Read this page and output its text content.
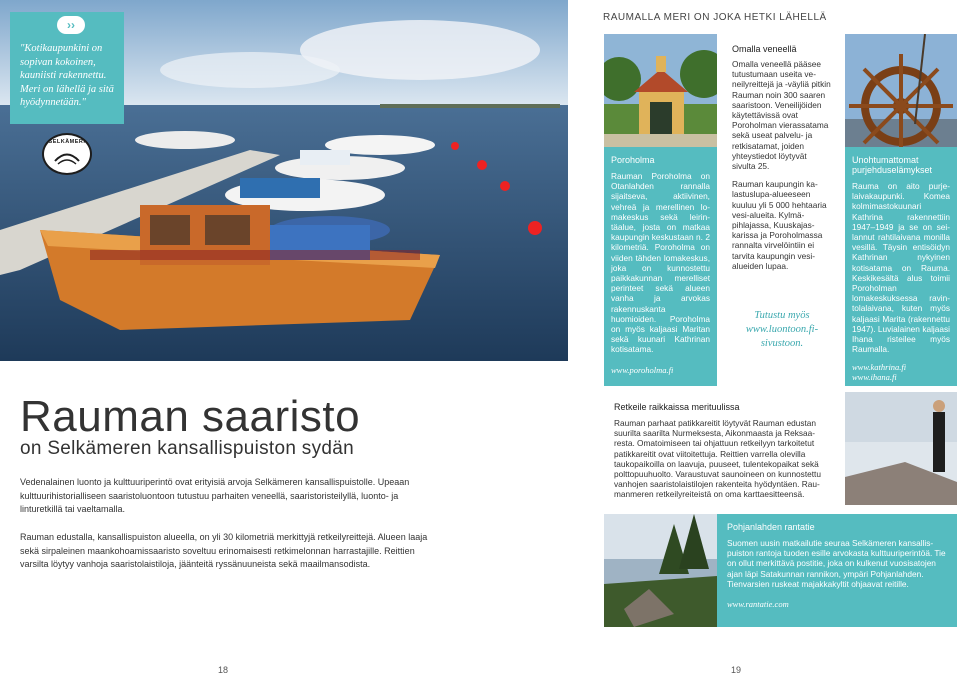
››
"Kotikaupunkini on sopivan kokoinen, kauniisti rakennettu. Meri on lähellä ja sitä hyödynnetään."
SELKÄMERI
Rauman saaristo
on Selkämeren kansallispuiston sydän
Vedenalainen luonto ja kulttuuriperintö ovat erityisiä arvoja Selkämeren kansallispuistolle. Upeaan kulttuurihistorialliseen saaristoluontoon tutustuu parhaiten veneellä, saaristoristeilyllä, luonto- ja linturetkillä tai vaeltamalla.
Rauman edustalla, kansallispuiston alueella, on yli 30 kilometriä merkittyjä retkeilyreittejä. Alueen laaja sekä sirpaleinen maankohoamissaaristo soveltuu erinomaisesti retkimelonnan harrastajille. Reittien varsilta löytyy vanhoja saaristolaistiloja, jäänteitä ryssänuuneista sekä maailmansodista.
18
RAUMALLA MERI ON JOKA HETKI LÄHELLÄ
Poroholma
Rauman Poroholma on Otanlahden rannalla sijaitseva, aktiivinen, vehreä ja merellinen lomakeskus sekä leirintäalue, josta on matkaa kaupungin keskustaan n. 2 kilometriä. Poroholma on viiden tähden lomakeskus, joka on kunnostettu paikkakunnan merelliset perinteet sekä alueen vanha ja arvokas rakennuskanta huomioiden. Poroholma on myös kaljaasi Maritan sekä kuunari Kathrinan kotisatama.
www.poroholma.fi
Omalla veneellä
Omalla veneellä pääsee tutustumaan useita veneilyreittejä ja -väyliä pitkin Rauman noin 300 saaren saaristoon. Veneilijöiden käytettävissä ovat Poroholman vierassatama sekä useat palvelu- ja retkisatamat, joiden yhteystiedot löytyvät sivulta 25.
Rauman kaupungin kalastuslupa-alueeseen kuuluu yli 5 000 hehtaaria vesi-alueita. Kylmäpihlajassa, Kuuskajaskarissa ja Poroholmassa rannalta virvelöintiin ei tarvita kaupungin vesialueiden lupaa.
Tutustu myös www.luontoon.fi-sivustoon.
Unohtumattomat purjehduselämykset
Rauma on aito purjelaivakaupunki. Komea kolmimastokuunari Kathrina rakennettiin 1947–1949 ja se on seilannut rahtilaivana monilla vesillä. Täysin entisöidyn Kathrinan nykyinen kotisatama on Rauma. Keskikesältä alus toimii Poroholman lomakeskuksessa ravintolalaivana, kuten myös kaljaasi Marita (rakennettu 1947). Luvialainen kaljaasi Ihana risteilee myös Raumalla.
www.kathrina.fi
www.ihana.fi
Retkeile raikkaissa merituulissa
Rauman parhaat patikkareitit löytyvät Rauman edustan suurilta saarilta Nurmeksesta, Aikonmaasta ja Reksaaresta. Omatoimiseen tai ohjattuun retkeilyyn tarkoitetut patikkareitit ovat viitoitettuja. Reittien varrella olevilla taukopaikoilla on laavuja, puuseet, tulentekopaikat sekä polttopuuhuolto. Varaustuvat saunoineen on kunnostettu vanhojen saaristolaistilojen rakenteita hyödyntäen. Raumanmeren retkeilyreiteistä on oma karttaesitteensä.
Pohjanlahden rantatie
Suomen uusin matkailutie seuraa Selkämeren kansallispuiston rantoja tuoden esille arvokasta kulttuuriperintöä. Tie on ollut merkittävä postitie, joka on kulkenut vuosisatojen ajan läpi Satakunnan rannikon, ympäri Pohjanlahden. Tienvarsien ruskeat majakkakyltit ohjaavat reitille.
www.rantatie.com
19
